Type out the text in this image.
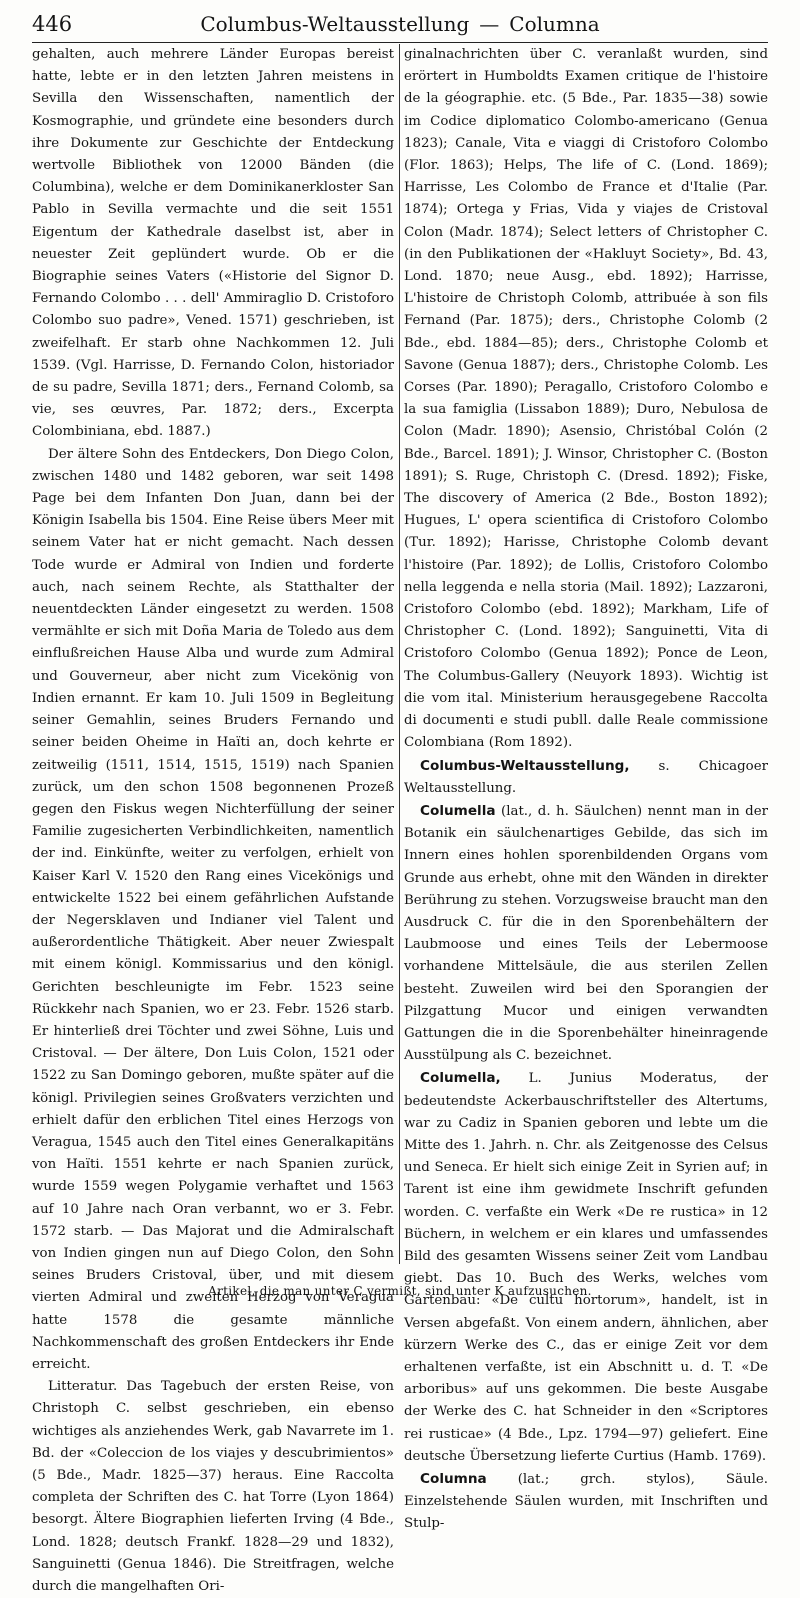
446	Columbus-Weltausstellung — Columna

gehalten, auch mehrere Länder Europas bereist hatte, lebte er in den letzten Jahren meistens in Sevilla den Wissenschaften, namentlich der Kosmographie, und gründete eine besonders durch ihre Dokumente zur Geschichte der Entdeckung wertvolle Bibliothek von 12000 Bänden (die Columbina), welche er dem Dominikanerkloster San Pablo in Sevilla vermachte und die seit 1551 Eigentum der Kathedrale daselbst ist, aber in neuester Zeit geplündert wurde. Ob er die Biographie seines Vaters («Historie del Signor D. Fernando Colombo . . . dell' Ammiraglio D. Cristoforo Colombo suo padre», Vened. 1571) geschrieben, ist zweifelhaft. Er starb ohne Nachkommen 12. Juli 1539. (Vgl. Harrisse, D. Fernando Colon, historiador de su padre, Sevilla 1871; ders., Fernand Colomb, sa vie, ses œuvres, Par. 1872; ders., Excerpta Colombiniana, ebd. 1887.)

Der ältere Sohn des Entdeckers, Don Diego Colon, zwischen 1480 und 1482 geboren, war seit 1498 Page bei dem Infanten Don Juan, dann bei der Königin Isabella bis 1504. Eine Reise übers Meer mit seinem Vater hat er nicht gemacht. Nach dessen Tode wurde er Admiral von Indien und forderte auch, nach seinem Rechte, als Statthalter der neuentdeckten Länder eingesetzt zu werden. 1508 vermählte er sich mit Doña Maria de Toledo aus dem einflußreichen Hause Alba und wurde zum Admiral und Gouverneur, aber nicht zum Vicekönig von Indien ernannt. Er kam 10. Juli 1509 in Begleitung seiner Gemahlin, seines Bruders Fernando und seiner beiden Oheime in Haïti an, doch kehrte er zeitweilig (1511, 1514, 1515, 1519) nach Spanien zurück, um den schon 1508 begonnenen Prozeß gegen den Fiskus wegen Nichterfüllung der seiner Familie zugesicherten Verbindlichkeiten, namentlich der ind. Einkünfte, weiter zu verfolgen, erhielt von Kaiser Karl V. 1520 den Rang eines Vicekönigs und entwickelte 1522 bei einem gefährlichen Aufstande der Negersklaven und Indianer viel Talent und außerordentliche Thätigkeit. Aber neuer Zwiespalt mit einem königl. Kommissarius und den königl. Gerichten beschleunigte im Febr. 1523 seine Rückkehr nach Spanien, wo er 23. Febr. 1526 starb. Er hinterließ drei Töchter und zwei Söhne, Luis und Cristoval. — Der ältere, Don Luis Colon, 1521 oder 1522 zu San Domingo geboren, mußte später auf die königl. Privilegien seines Großvaters verzichten und erhielt dafür den erblichen Titel eines Herzogs von Veragua, 1545 auch den Titel eines Generalkapitäns von Haïti. 1551 kehrte er nach Spanien zurück, wurde 1559 wegen Polygamie verhaftet und 1563 auf 10 Jahre nach Oran verbannt, wo er 3. Febr. 1572 starb. — Das Majorat und die Admiralschaft von Indien gingen nun auf Diego Colon, den Sohn seines Bruders Cristoval, über, und mit diesem vierten Admiral und zweiten Herzog von Veragua hatte 1578 die gesamte männliche Nachkommenschaft des großen Entdeckers ihr Ende erreicht.

Litteratur. Das Tagebuch der ersten Reise, von Christoph C. selbst geschrieben, ein ebenso wichtiges als anziehendes Werk, gab Navarrete im 1. Bd. der «Coleccion de los viajes y descubrimientos» (5 Bde., Madr. 1825—37) heraus. Eine Raccolta completa der Schriften des C. hat Torre (Lyon 1864) besorgt. Ältere Biographien lieferten Irving (4 Bde., Lond. 1828; deutsch Frankf. 1828—29 und 1832), Sanguinetti (Genua 1846). Die Streitfragen, welche durch die mangelhaften Ori-

ginalnachrichten über C. veranlaßt wurden, sind erörtert in Humboldts Examen critique de l'histoire de la géographie. etc. (5 Bde., Par. 1835—38) sowie im Codice diplomatico Colombo-americano (Genua 1823); Canale, Vita e viaggi di Cristoforo Colombo (Flor. 1863); Helps, The life of C. (Lond. 1869); Harrisse, Les Colombo de France et d'Italie (Par. 1874); Ortega y Frias, Vida y viajes de Cristoval Colon (Madr. 1874); Select letters of Christopher C. (in den Publikationen der «Hakluyt Society», Bd. 43, Lond. 1870; neue Ausg., ebd. 1892); Harrisse, L'histoire de Christoph Colomb, attribuée à son fils Fernand (Par. 1875); ders., Christophe Colomb (2 Bde., ebd. 1884—85); ders., Christophe Colomb et Savone (Genua 1887); ders., Christophe Colomb. Les Corses (Par. 1890); Peragallo, Cristoforo Colombo e la sua famiglia (Lissabon 1889); Duro, Nebulosa de Colon (Madr. 1890); Asensio, Christóbal Colón (2 Bde., Barcel. 1891); J. Winsor, Christopher C. (Boston 1891); S. Ruge, Christoph C. (Dresd. 1892); Fiske, The discovery of America (2 Bde., Boston 1892); Hugues, L' opera scientifica di Cristoforo Colombo (Tur. 1892); Harisse, Christophe Colomb devant l'histoire (Par. 1892); de Lollis, Cristoforo Colombo nella leggenda e nella storia (Mail. 1892); Lazzaroni, Cristoforo Colombo (ebd. 1892); Markham, Life of Christopher C. (Lond. 1892); Sanguinetti, Vita di Cristoforo Colombo (Genua 1892); Ponce de Leon, The Columbus-Gallery (Neuyork 1893). Wichtig ist die vom ital. Ministerium herausgegebene Raccolta di documenti e studi publl. dalle Reale commissione Colombiana (Rom 1892).

Columbus-Weltausstellung, s. Chicagoer Weltausstellung.

Columella (lat., d. h. Säulchen) nennt man in der Botanik ein säulchenartiges Gebilde, das sich im Innern eines hohlen sporenbildenden Organs vom Grunde aus erhebt, ohne mit den Wänden in direkter Berührung zu stehen. Vorzugsweise braucht man den Ausdruck C. für die in den Sporenbehältern der Laubmoose und eines Teils der Lebermoose vorhandene Mittelsäule, die aus sterilen Zellen besteht. Zuweilen wird bei den Sporangien der Pilzgattung Mucor und einigen verwandten Gattungen die in die Sporenbehälter hineinragende Ausstülpung als C. bezeichnet.

Columella, L. Junius Moderatus, der bedeutendste Ackerbauschriftsteller des Altertums, war zu Cadiz in Spanien geboren und lebte um die Mitte des 1. Jahrh. n. Chr. als Zeitgenosse des Celsus und Seneca. Er hielt sich einige Zeit in Syrien auf; in Tarent ist eine ihm gewidmete Inschrift gefunden worden. C. verfaßte ein Werk «De re rustica» in 12 Büchern, in welchem er ein klares und umfassendes Bild des gesamten Wissens seiner Zeit vom Landbau giebt. Das 10. Buch des Werks, welches vom Gartenbau: «De cultu hortorum», handelt, ist in Versen abgefaßt. Von einem andern, ähnlichen, aber kürzern Werke des C., das er einige Zeit vor dem erhaltenen verfaßte, ist ein Abschnitt u. d. T. «De arboribus» auf uns gekommen. Die beste Ausgabe der Werke des C. hat Schneider in den «Scriptores rei rusticae» (4 Bde., Lpz. 1794—97) geliefert. Eine deutsche Übersetzung lieferte Curtius (Hamb. 1769).

Columna (lat.; grch. stylos), Säule. Einzelstehende Säulen wurden, mit Inschriften und Stulp-

Artikel, die man unter C vermißt, sind unter K aufzusuchen.
